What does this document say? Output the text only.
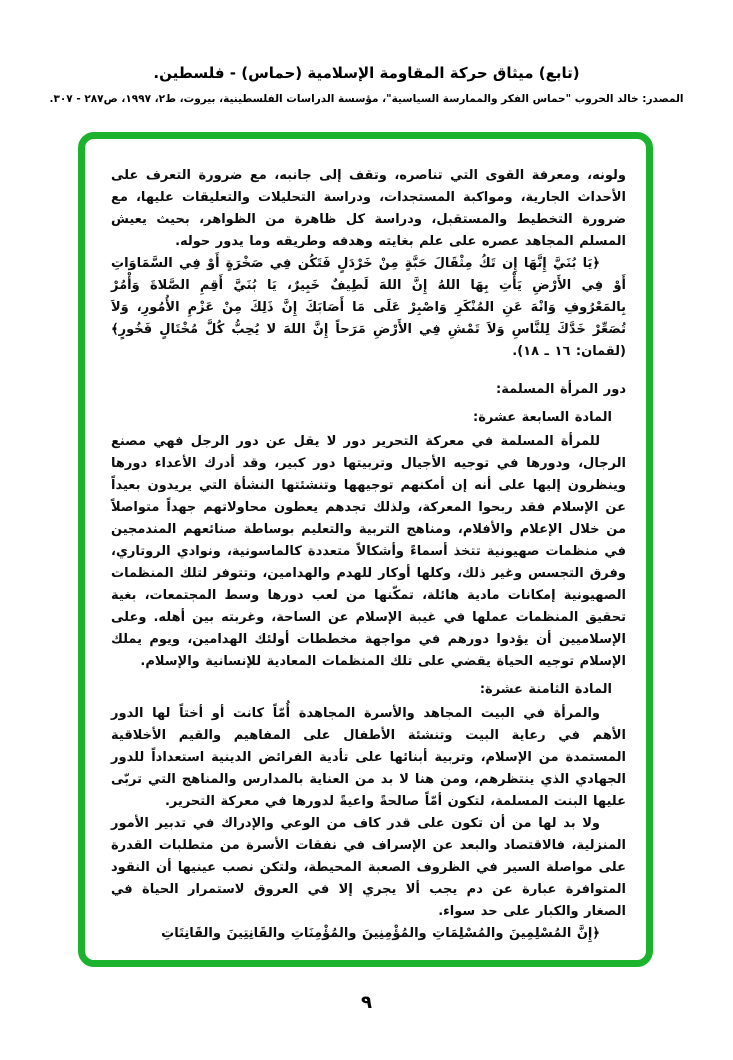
(تابع) ميثاق حركة المقاومة الإسلامية (حماس) - فلسطين.
المصدر: خالد الحروب "حماس الفكر والممارسة السياسية"، مؤسسة الدراسات الفلسطينية، بيروت، ط٢، ١٩٩٧، ص٢٨٧ - ٣٠٧.

ولونه، ومعرفة القوى التي تناصره، وتقف إلى جانبه، مع ضرورة التعرف على الأحداث الجارية، ومواكبة المستجدات، ودراسة التحليلات والتعليقات عليها، مع ضرورة التخطيط والمستقبل، ودراسة كل ظاهرة من الظواهر، بحيث يعيش المسلم المجاهد عصره على علم بغايته وهدفه وطريقه وما يدور حوله.

﴿يَا بُنَيَّ إِنَّهَا إِن تَكُ مِثْقَالَ حَبَّةٍ مِنْ خَرْدَلٍ فَتَكُن فِي صَخْرَةٍ أَوْ فِي السَّمَاوَاتِ أَوْ فِي الأَرْضِ يَأْتِ بِهَا اللهُ إِنَّ اللهَ لَطِيفٌ خَبِيرٌ، يَا بُنَيَّ أَقِمِ الصَّلاةَ وَأْمُرْ بِالمَعْرُوفِ وَانْهَ عَنِ المُنْكَرِ وَاصْبِرْ عَلَى مَا أَصَابَكَ إِنَّ ذَلِكَ مِنْ عَزْمِ الأُمُورِ، وَلاَ تُصَعِّرْ خَدَّكَ لِلنَّاسِ وَلاَ تَمْشِ فِي الأَرْضِ مَرَحاً إِنَّ اللهَ لا يُحِبُّ كُلَّ مُخْتَالٍ فَخُورٍ﴾ (لقمان: ١٦ ـ ١٨).

دور المرأة المسلمة:

المادة السابعة عشرة:

للمرأة المسلمة في معركة التحرير دور لا يقل عن دور الرجل فهي مصنع الرجال، ودورها في توجيه الأجيال وتربيتها دور كبير، وقد أدرك الأعداء دورها وينظرون إليها على أنه إن أمكنهم توجيهها وتنشئتها النشأة التي يريدون بعيداً عن الإسلام فقد ربحوا المعركة، ولذلك تجدهم يعطون محاولاتهم جهداً متواصلاً من خلال الإعلام والأفلام، ومناهج التربية والتعليم بوساطة صنائعهم المندمجين في منظمات صهيونية تتخذ أسماءً وأشكالاً متعددة كالماسونية، ونوادي الروتاري، وفرق التجسس وغير ذلك، وكلها أوكار للهدم والهدامين، وتتوفر لتلك المنظمات الصهيونية إمكانات مادية هائلة، تمكّنها من لعب دورها وسط المجتمعات، بغية تحقيق المنظمات عملها في غيبة الإسلام عن الساحة، وغربته بين أهله. وعلى الإسلاميين أن يؤدوا دورهم في مواجهة مخططات أولئك الهدامين، ويوم يملك الإسلام توجيه الحياة يقضي على تلك المنظمات المعادية للإنسانية والإسلام.

المادة الثامنة عشرة:

والمرأة في البيت المجاهد والأسرة المجاهدة أُمّاً كانت أو أختاً لها الدور الأهم في رعاية البيت وتنشئة الأطفال على المفاهيم والقيم الأخلاقية المستمدة من الإسلام، وتربية أبنائها على تأدية الفرائض الدينية استعداداً للدور الجهادي الذي ينتظرهم، ومن هنا لا بد من العناية بالمدارس والمناهج التي تربّى عليها البنت المسلمة، لتكون أمّاً صالحةً واعيةً لدورها في معركة التحرير.

ولا بد لها من أن تكون على قدر كاف من الوعي والإدراك في تدبير الأمور المنزلية، فالاقتصاد والبعد عن الإسراف في نفقات الأسرة من متطلبات القدرة على مواصلة السير في الظروف الصعبة المحيطة، ولتكن نصب عينيها أن النقود المتوافرة عبارة عن دم يجب ألا يجري إلا في العروق لاستمرار الحياة في الصغار والكبار على حد سواء.

﴿إِنَّ المُسْلِمِينَ والمُسْلِمَاتِ والمُؤْمِنِينَ والمُؤْمِنَاتِ والقَانِتِينَ والقَانِتَاتِ

٩
